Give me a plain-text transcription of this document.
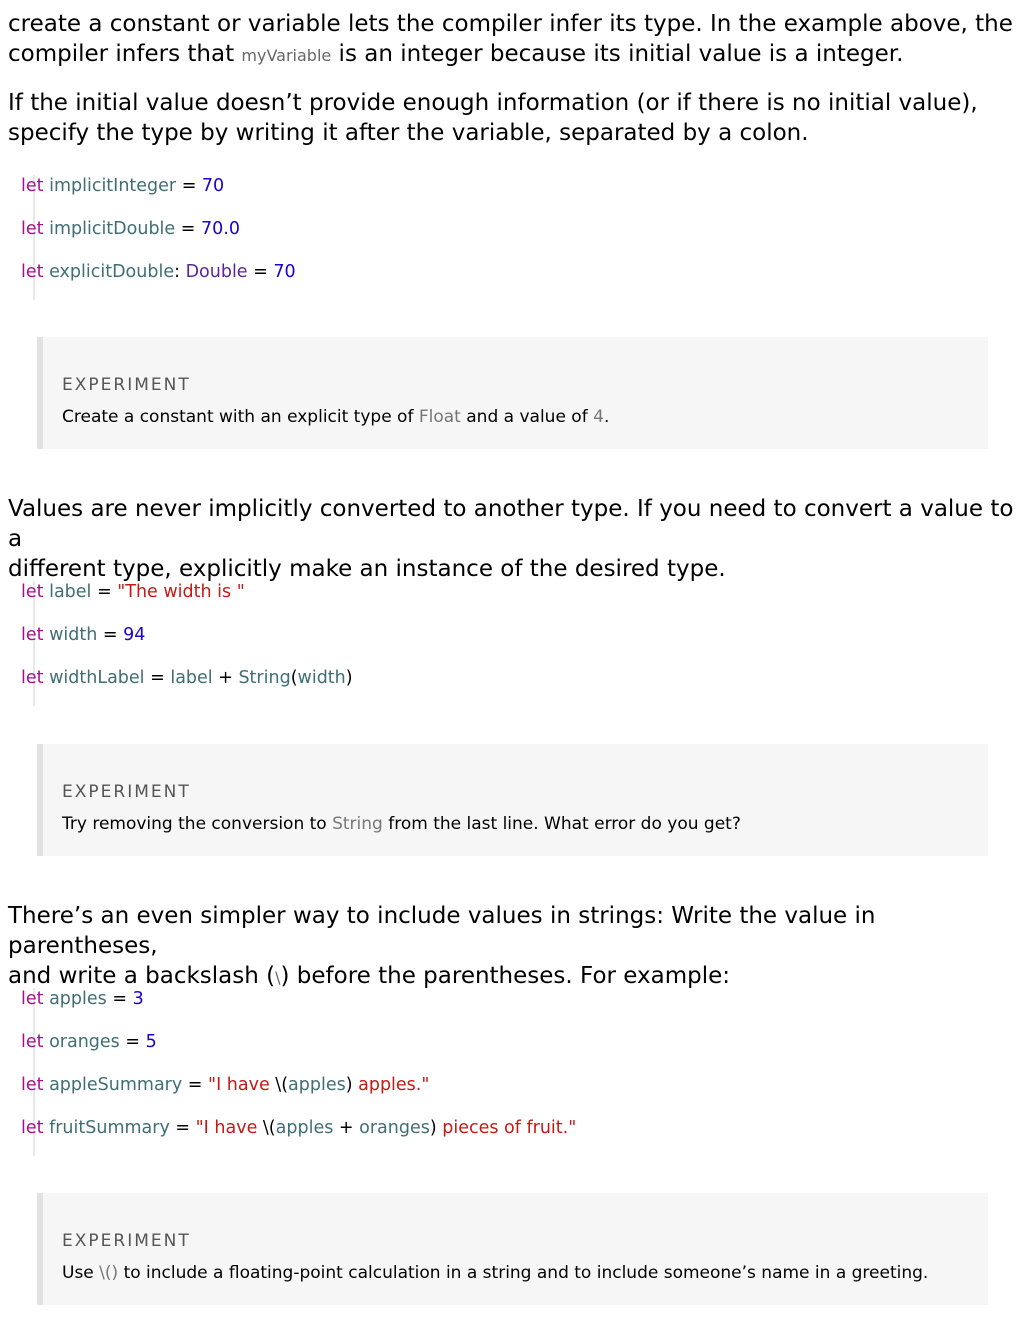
create a constant or variable lets the compiler infer its type. In the example above, the
compiler infers that myVariable is an integer because its initial value is a integer.

If the initial value doesn’t provide enough information (or if there is no initial value),
specify the type by writing it after the variable, separated by a colon.

let implicitInteger = 70
let implicitDouble = 70.0
let explicitDouble: Double = 70
EXPERIMENT
Create a constant with an explicit type of Float and a value of 4.

Values are never implicitly converted to another type. If you need to convert a value to a
different type, explicitly make an instance of the desired type.

let label = "The width is "
let width = 94
let widthLabel = label + String(width)
EXPERIMENT
Try removing the conversion to String from the last line. What error do you get?

There’s an even simpler way to include values in strings: Write the value in parentheses,
and write a backslash (\) before the parentheses. For example:

let apples = 3
let oranges = 5
let appleSummary = "I have \(apples) apples."
let fruitSummary = "I have \(apples + oranges) pieces of fruit."
EXPERIMENT
Use \() to include a floating-point calculation in a string and to include someone’s name in a greeting.
